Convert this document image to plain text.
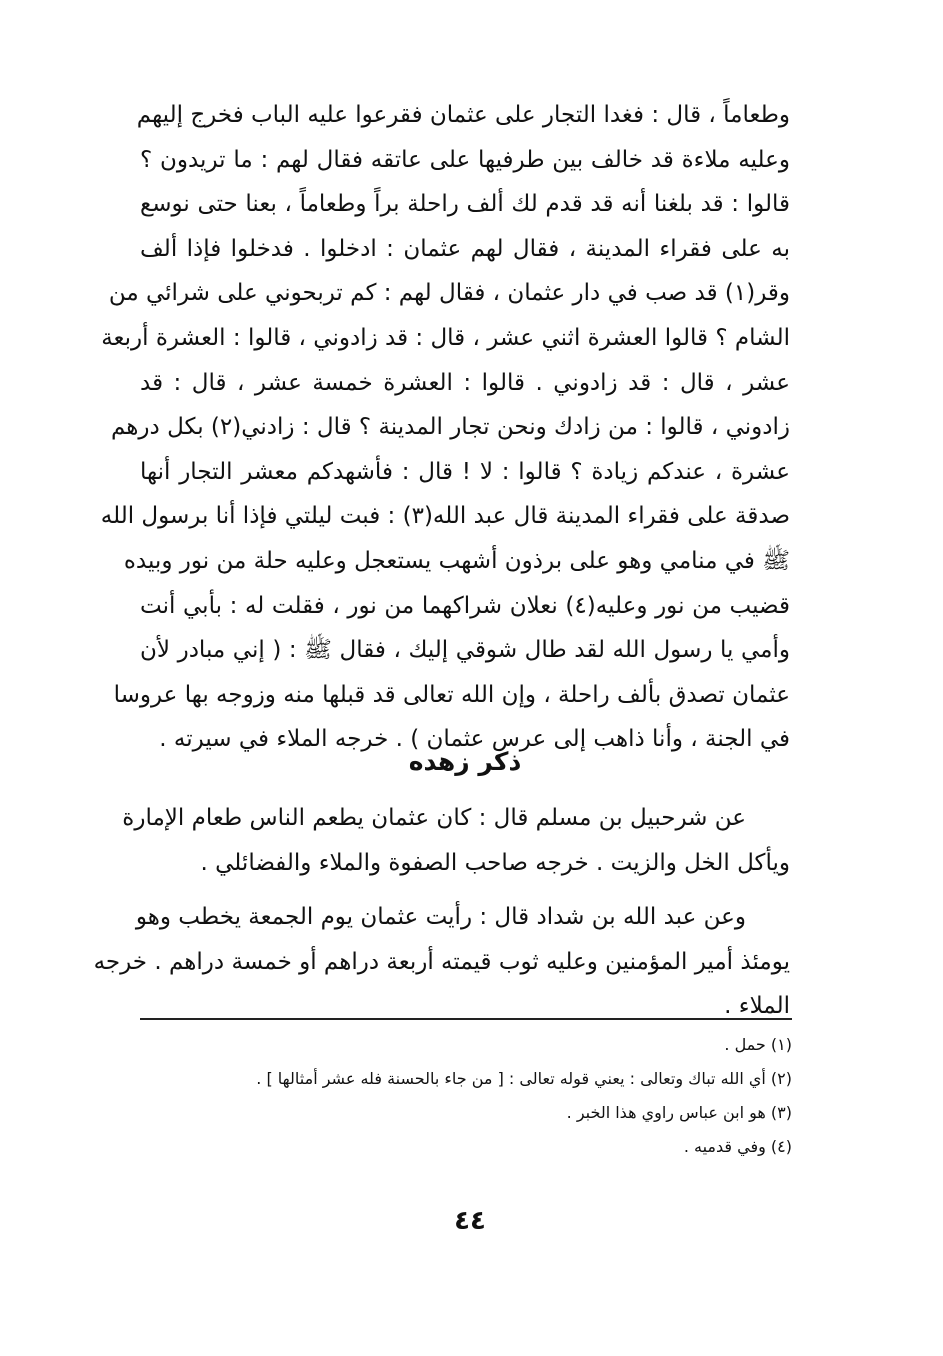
وطعاماً ، قال : فغدا التجار على عثمان فقرعوا عليه الباب فخرج إليهم
وعليه ملاءة قد خالف بين طرفيها على عاتقه فقال لهم : ما تريدون ؟
قالوا : قد بلغنا أنه قد قدم لك ألف راحلة براً وطعاماً ، بعنا حتى نوسع
به على فقراء المدينة ، فقال لهم عثمان : ادخلوا . فدخلوا فإذا ألف
وقر(١) قد صب في دار عثمان ، فقال لهم : كم تربحوني على شرائي من
الشام ؟ قالوا العشرة اثني عشر ، قال : قد زادوني ، قالوا : العشرة أربعة
عشر ، قال : قد زادوني . قالوا : العشرة خمسة عشر ، قال : قد
زادوني ، قالوا : من زادك ونحن تجار المدينة ؟ قال : زادني(٢) بكل درهم
عشرة ، عندكم زيادة ؟ قالوا : لا ! قال : فأشهدكم معشر التجار أنها
صدقة على فقراء المدينة قال عبد الله(٣) : فبت ليلتي فإذا أنا برسول الله
ﷺ في منامي وهو على برذون أشهب يستعجل وعليه حلة من نور وبيده
قضيب من نور وعليه(٤) نعلان شراكهما من نور ، فقلت له : بأبي أنت
وأمي يا رسول الله لقد طال شوقي إليك ، فقال ﷺ : ( إني مبادر لأن
عثمان تصدق بألف راحلة ، وإن الله تعالى قد قبلها منه وزوجه بها عروسا
في الجنة ، وأنا ذاهب إلى عرس عثمان ) . خرجه الملاء في سيرته .
ذكر زهده
عن شرحبيل بن مسلم قال : كان عثمان يطعم الناس طعام الإمارة
ويأكل الخل والزيت . خرجه صاحب الصفوة والملاء والفضائلي .
وعن عبد الله بن شداد قال : رأيت عثمان يوم الجمعة يخطب وهو
يومئذ أمير المؤمنين وعليه ثوب قيمته أربعة دراهم أو خمسة دراهم . خرجه
الملاء .
(١) حمل .
(٢) أي الله تباك وتعالى : يعني قوله تعالى : [ من جاء بالحسنة فله عشر أمثالها ] .
(٣) هو ابن عباس راوي هذا الخبر .
(٤) وفي قدميه .
٤٤
